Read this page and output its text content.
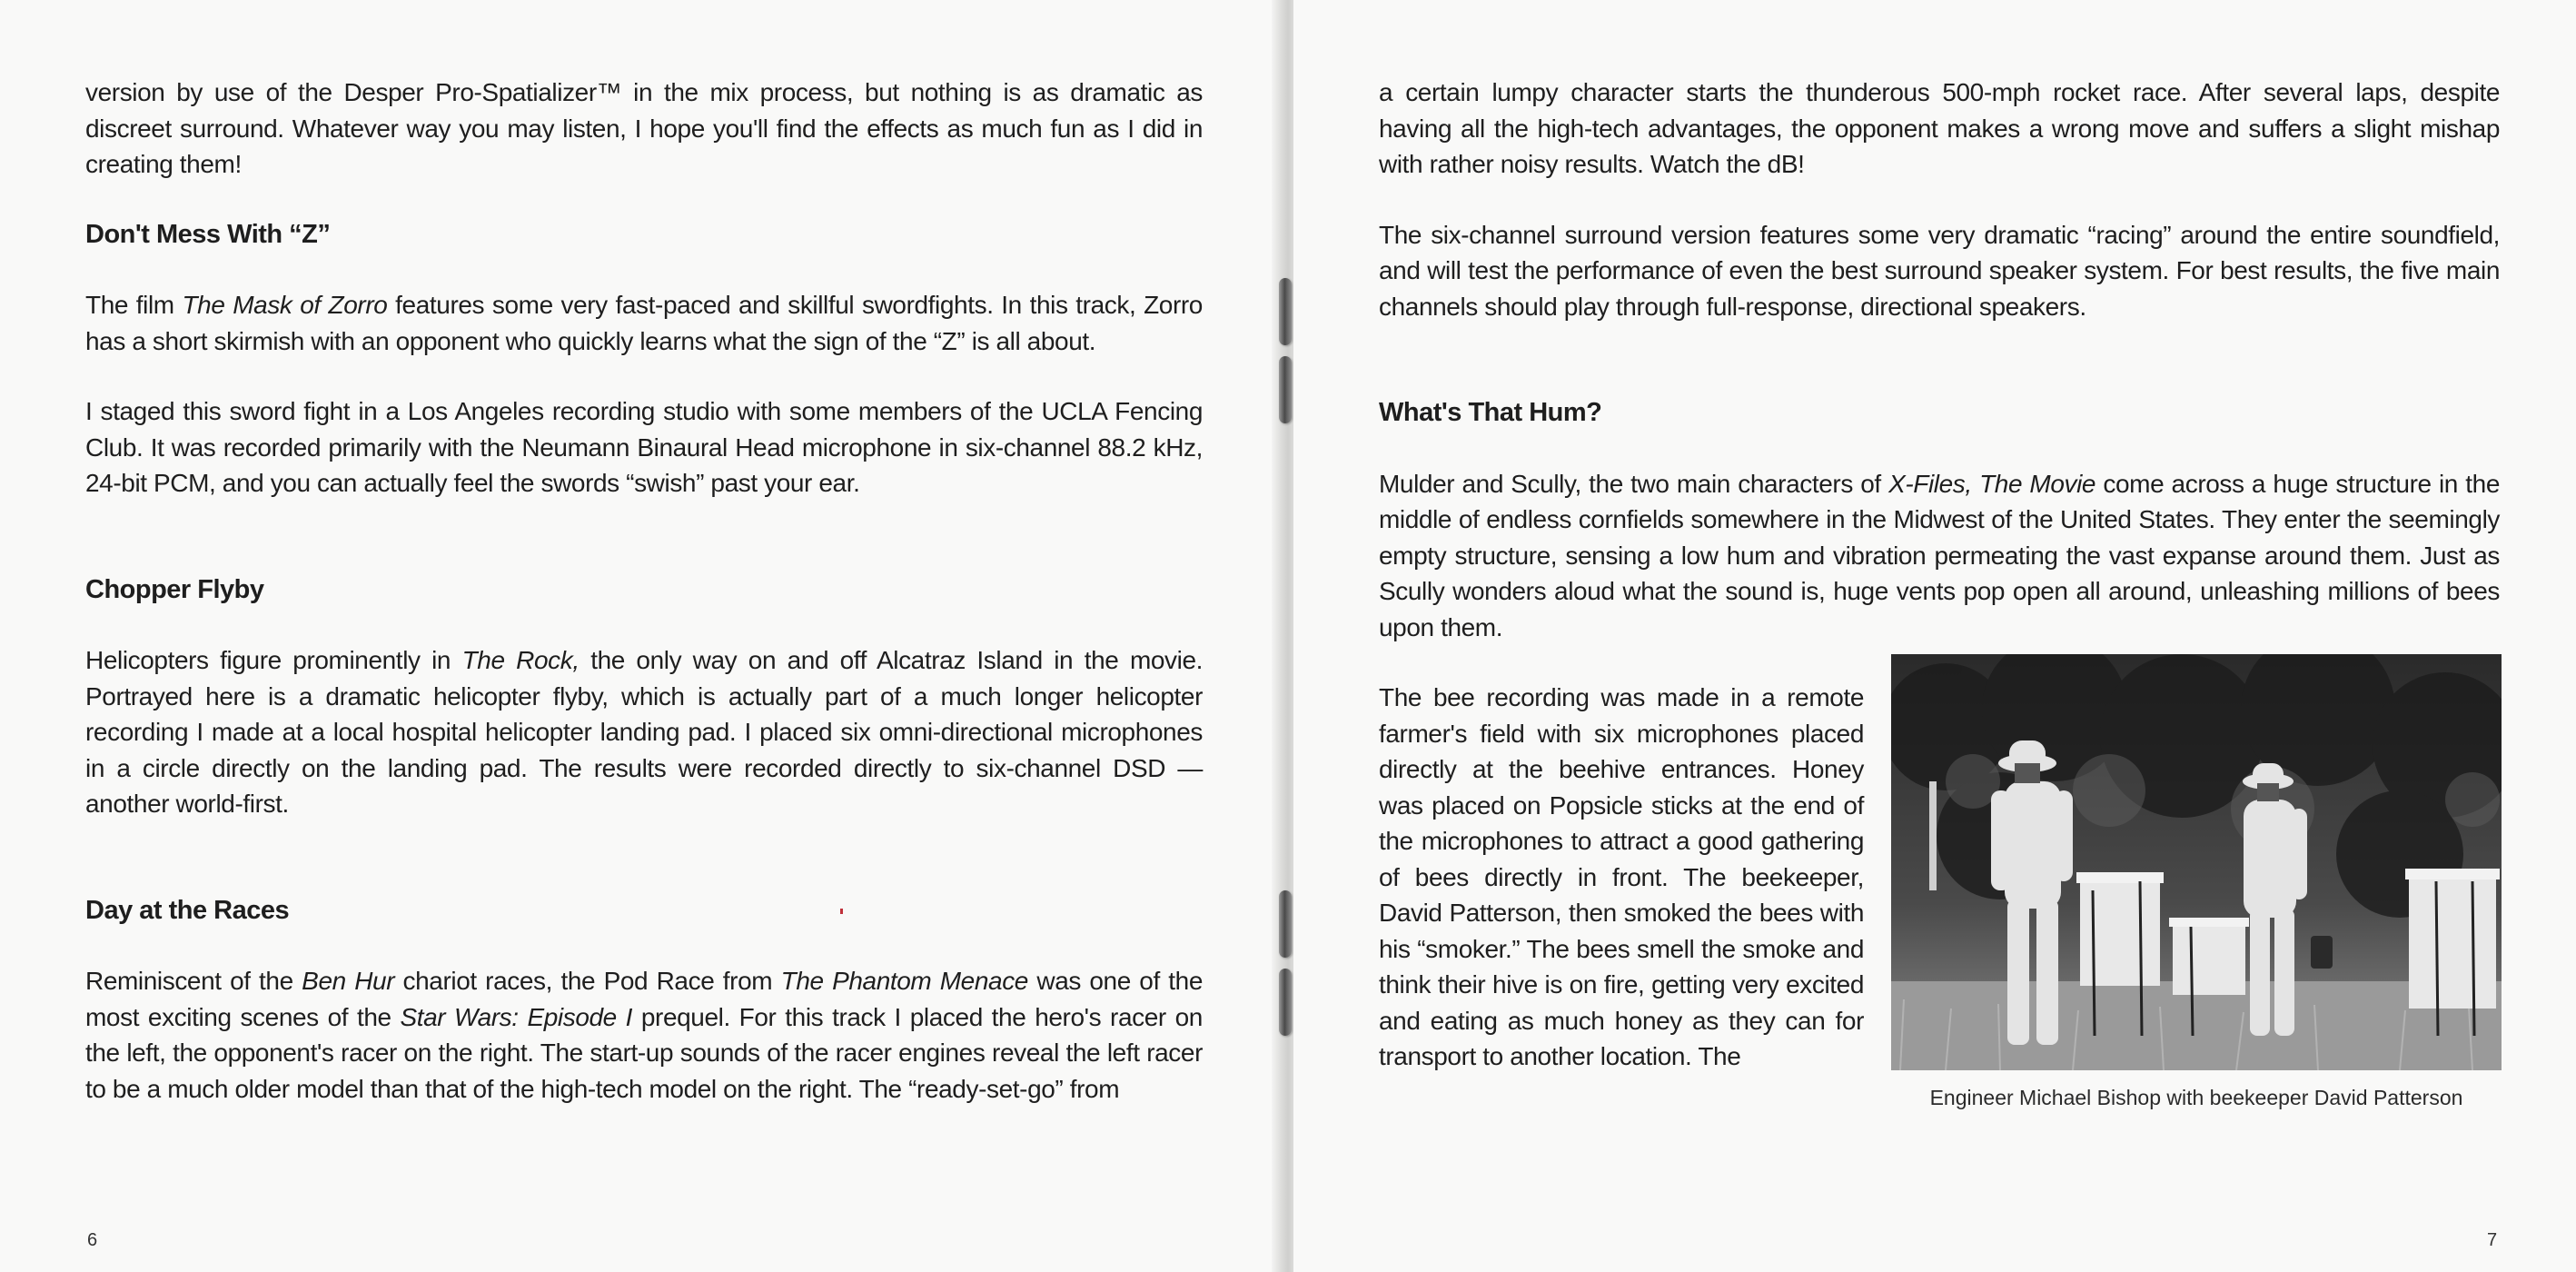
version by use of the Desper Pro-Spatializer™ in the mix process, but nothing is as dramatic as discreet surround. Whatever way you may listen, I hope you'll find the effects as much fun as I did in creating them!

Don't Mess With “Z”

The film The Mask of Zorro features some very fast-paced and skillful swordfights. In this track, Zorro has a short skirmish with an opponent who quickly learns what the sign of the “Z” is all about.

I staged this sword fight in a Los Angeles recording studio with some members of the UCLA Fencing Club. It was recorded primarily with the Neumann Binaural Head microphone in six-channel 88.2 kHz, 24-bit PCM, and you can actually feel the swords “swish” past your ear.

Chopper Flyby

Helicopters figure prominently in The Rock, the only way on and off Alcatraz Island in the movie. Portrayed here is a dramatic helicopter flyby, which is actually part of a much longer helicopter recording I made at a local hospital helicopter landing pad. I placed six omni-directional microphones in a circle directly on the landing pad. The results were recorded directly to six-channel DSD — another world-first.

Day at the Races

Reminiscent of the Ben Hur chariot races, the Pod Race from The Phantom Menace was one of the most exciting scenes of the Star Wars: Episode I prequel. For this track I placed the hero's racer on the left, the opponent's racer on the right. The start-up sounds of the racer engines reveal the left racer to be a much older model than that of the high-tech model on the right. The “ready-set-go” from

6

a certain lumpy character starts the thunderous 500-mph rocket race. After several laps, despite having all the high-tech advantages, the opponent makes a wrong move and suffers a slight mishap with rather noisy results. Watch the dB!

The six-channel surround version features some very dramatic “racing” around the entire soundfield, and will test the performance of even the best surround speaker system. For best results, the five main channels should play through full-response, directional speakers.

What's That Hum?

Mulder and Scully, the two main characters of X-Files, The Movie come across a huge structure in the middle of endless cornfields somewhere in the Midwest of the United States. They enter the seemingly empty structure, sensing a low hum and vibration permeating the vast expanse around them. Just as Scully wonders aloud what the sound is, huge vents pop open all around, unleashing millions of bees upon them.

Engineer Michael Bishop with beekeeper David Patterson

The bee recording was made in a remote farmer's field with six microphones placed directly at the beehive entrances. Honey was placed on Popsicle sticks at the end of the microphones to attract a good gathering of bees directly in front. The beekeeper, David Patterson, then smoked the bees with his “smoker.” The bees smell the smoke and think their hive is on fire, getting very excited and eating as much honey as they can for transport to another location. The

7
